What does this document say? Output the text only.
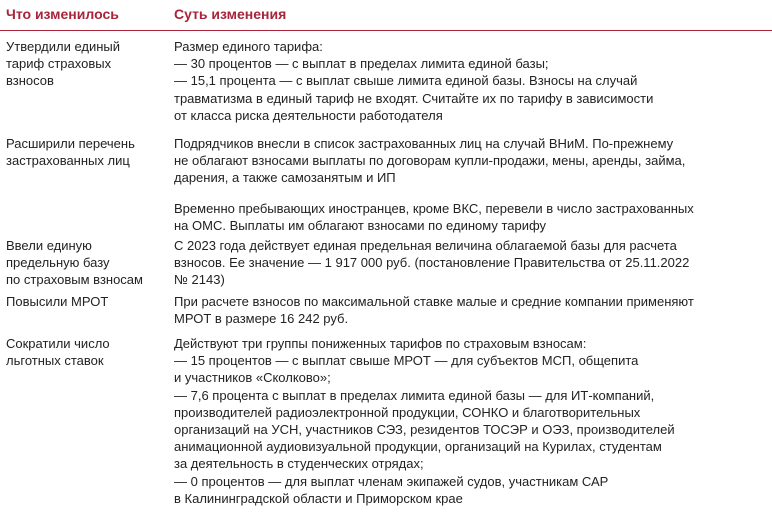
Что изменилось	Суть изменения
Утвердили единый
тариф страховых
взносов
Размер единого тарифа:
— 30 процентов — с выплат в пределах лимита единой базы;
— 15,1 процента — с выплат свыше лимита единой базы. Взносы на случай
травматизма в единый тариф не входят. Считайте их по тарифу в зависимости
от класса риска деятельности работодателя
Расширили перечень
застрахованных лиц
Подрядчиков внесли в список застрахованных лиц на случай ВНиМ. По-прежнему
не облагают взносами выплаты по договорам купли-продажи, мены, аренды, займа,
дарения, а также самозанятым и ИП
Временно пребывающих иностранцев, кроме ВКС, перевели в число застрахованных
на ОМС. Выплаты им облагают взносами по единому тарифу
Ввели единую
предельную базу
по страховым взносам
С 2023 года действует единая предельная величина облагаемой базы для расчета
взносов. Ее значение — 1 917 000 руб. (постановление Правительства от 25.11.2022
№ 2143)
Повысили МРОТ	При расчете взносов по максимальной ставке малые и средние компании применяют
МРОТ в размере 16 242 руб.
Сократили число
льготных ставок
Действуют три группы пониженных тарифов по страховым взносам:
— 15 процентов — с выплат свыше МРОТ — для субъектов МСП, общепита
и участников «Сколково»;
— 7,6 процента с выплат в пределах лимита единой базы — для ИТ-компаний,
производителей радиоэлектронной продукции, СОНКО и благотворительных
организаций на УСН, участников СЭЗ, резидентов ТОСЭР и ОЭЗ, производителей
анимационной аудиовизуальной продукции, организаций на Курилах, студентам
за деятельность в студенческих отрядах;
— 0 процентов — для выплат членам экипажей судов, участникам САР
в Калининградской области и Приморском крае
